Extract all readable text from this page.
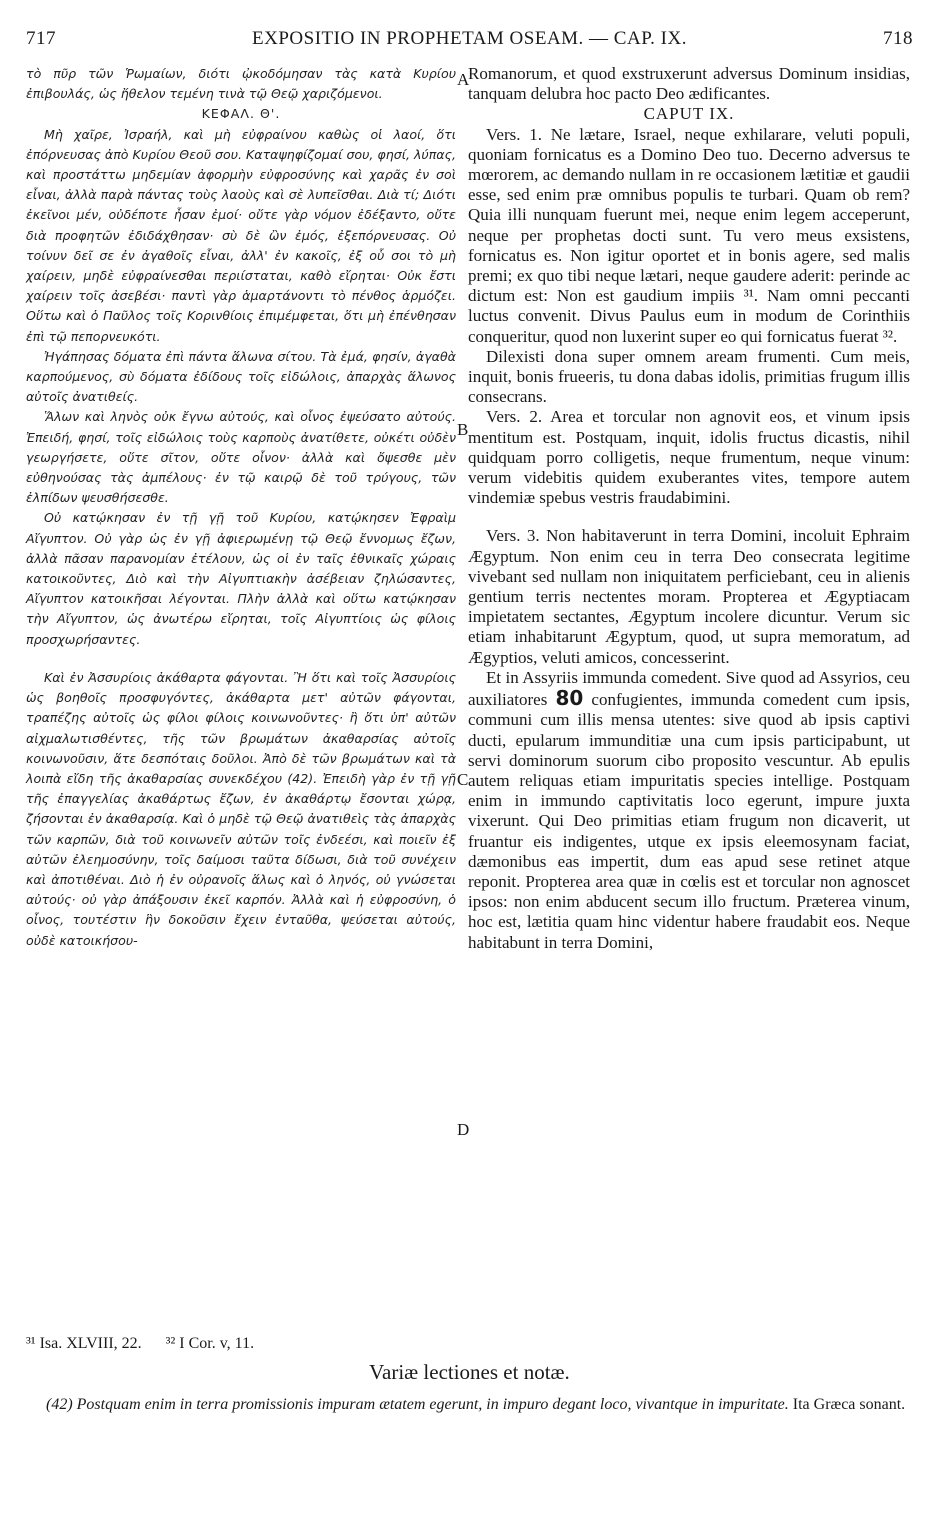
717	EXPOSITIO IN PROPHETAM OSEAM. — CAP. IX.	718

τὸ πῦρ τῶν Ῥωμαίων, διότι ᾠκοδόμησαν τὰς κατὰ Κυρίου ἐπιβουλάς, ὡς ἤθελον τεμένη τινὰ τῷ Θεῷ χαριζόμενοι.

ΚΕΦΑΛ. Θ'.

Μὴ χαῖρε, Ἰσραήλ, καὶ μὴ εὐφραίνου καθὼς οἱ λαοί, ὅτι ἐπόρνευσας ἀπὸ Κυρίου Θεοῦ σου. Καταψηφίζομαί σου, φησί, λύπας, καὶ προστάττω μηδεμίαν ἀφορμὴν εὐφροσύνης καὶ χαρᾶς ἐν σοὶ εἶναι, ἀλλὰ παρὰ πάντας τοὺς λαοὺς καὶ σὲ λυπεῖσθαι. Διὰ τί; Διότι ἐκεῖνοι μέν, οὐδέποτε ἦσαν ἐμοί· οὔτε γὰρ νόμον ἐδέξαντο, οὔτε διὰ προφητῶν ἐδιδάχθησαν· σὺ δὲ ὢν ἐμός, ἐξεπόρνευσας. Οὐ τοίνυν δεῖ σε ἐν ἀγαθοῖς εἶναι, ἀλλ' ἐν κακοῖς, ἐξ οὗ σοι τὸ μὴ χαίρειν, μηδὲ εὐφραίνεσθαι περιίσταται, καθὸ εἴρηται· Οὐκ ἔστι χαίρειν τοῖς ἀσεβέσι· παντὶ γὰρ ἁμαρτάνοντι τὸ πένθος ἁρμόζει. Οὕτω καὶ ὁ Παῦλος τοῖς Κορινθίοις ἐπιμέμφεται, ὅτι μὴ ἐπένθησαν ἐπὶ τῷ πεπορνευκότι.

Ἠγάπησας δόματα ἐπὶ πάντα ἅλωνα σίτου. Τὰ ἐμά, φησίν, ἀγαθὰ καρπούμενος, σὺ δόματα ἐδίδους τοῖς εἰδώλοις, ἀπαρχὰς ἅλωνος αὐτοῖς ἀνατιθείς.

Ἅλων καὶ ληνὸς οὐκ ἔγνω αὐτούς, καὶ οἶνος ἐψεύσατο αὐτούς. Ἐπειδή, φησί, τοῖς εἰδώλοις τοὺς καρποὺς ἀνατίθετε, οὐκέτι οὐδὲν γεωργήσετε, οὔτε σῖτον, οὔτε οἶνον· ἀλλὰ καὶ ὄψεσθε μὲν εὐθηνούσας τὰς ἀμπέλους· ἐν τῷ καιρῷ δὲ τοῦ τρύγους, τῶν ἐλπίδων ψευσθήσεσθε.

Οὐ κατῴκησαν ἐν τῇ γῇ τοῦ Κυρίου, κατῴκησεν Ἐφραὶμ Αἴγυπτον. Οὐ γὰρ ὡς ἐν γῇ ἀφιερωμένῃ τῷ Θεῷ ἔννομως ἔζων, ἀλλὰ πᾶσαν παρανομίαν ἐτέλουν, ὡς οἱ ἐν ταῖς ἐθνικαῖς χώραις κατοικοῦντες, Διὸ καὶ τὴν Αἰγυπτιακὴν ἀσέβειαν ζηλώσαντες, Αἴγυπτον κατοικῆσαι λέγονται. Πλὴν ἀλλὰ καὶ οὕτω κατῴκησαν τὴν Αἴγυπτον, ὡς ἀνωτέρω εἴρηται, τοῖς Αἰγυπτίοις ὡς φίλοις προσχωρήσαντες.

Καὶ ἐν Ἀσσυρίοις ἀκάθαρτα φάγονται. Ἢ ὅτι καὶ τοῖς Ἀσσυρίοις ὡς βοηθοῖς προσφυγόντες, ἀκάθαρτα μετ' αὐτῶν φάγονται, τραπέζης αὐτοῖς ὡς φίλοι φίλοις κοινωνοῦντες· ἢ ὅτι ὑπ' αὐτῶν αἰχμαλωτισθέντες, τῆς τῶν βρωμάτων ἀκαθαρσίας αὐτοῖς κοινωνοῦσιν, ἅτε δεσπόταις δοῦλοι. Ἀπὸ δὲ τῶν βρωμάτων καὶ τὰ λοιπὰ εἴδη τῆς ἀκαθαρσίας συνεκδέχου (42). Ἐπειδὴ γὰρ ἐν τῇ γῇ τῆς ἐπαγγελίας ἀκαθάρτως ἔζων, ἐν ἀκαθάρτῳ ἔσονται χώρᾳ, ζήσονται ἐν ἀκαθαρσίᾳ. Καὶ ὁ μηδὲ τῷ Θεῷ ἀνατιθεὶς τὰς ἀπαρχὰς τῶν καρπῶν, διὰ τοῦ κοινωνεῖν αὐτῶν τοῖς ἐνδεέσι, καὶ ποιεῖν ἐξ αὐτῶν ἐλεημοσύνην, τοῖς δαίμοσι ταῦτα δίδωσι, διὰ τοῦ συνέχειν καὶ ἀποτιθέναι. Διὸ ἡ ἐν οὐρανοῖς ἅλως καὶ ὁ ληνός, οὐ γνώσεται αὐτούς· οὐ γὰρ ἀπάξουσιν ἐκεῖ καρπόν. Ἀλλὰ καὶ ἡ εὐφροσύνη, ὁ οἶνος, τουτέστιν ἣν δοκοῦσιν ἔχειν ἐνταῦθα, ψεύσεται αὐτούς, οὐδὲ κατοικήσου-

Romanorum, et quod exstruxerunt adversus Dominum insidias, tanquam delubra hoc pacto Deo ædificantes.

CAPUT IX.

Vers. 1. Ne lætare, Israel, neque exhilarare, veluti populi, quoniam fornicatus es a Domino Deo tuo. Decerno adversus te mœrorem, ac demando nullam in re occasionem lætitiæ et gaudii esse, sed enim præ omnibus populis te turbari. Quam ob rem? Quia illi nunquam fuerunt mei, neque enim legem acceperunt, neque per prophetas docti sunt. Tu vero meus exsistens, fornicatus es. Non igitur oportet et in bonis agere, sed malis premi; ex quo tibi neque lætari, neque gaudere aderit: perinde ac dictum est: Non est gaudium impiis ³¹. Nam omni peccanti luctus convenit. Divus Paulus eum in modum de Corinthiis conqueritur, quod non luxerint super eo qui fornicatus fuerat ³².

Dilexisti dona super omnem aream frumenti. Cum meis, inquit, bonis frueeris, tu dona dabas idolis, primitias frugum illis consecrans.

Vers. 2. Area et torcular non agnovit eos, et vinum ipsis mentitum est. Postquam, inquit, idolis fructus dicastis, nihil quidquam porro colligetis, neque frumentum, neque vinum: verum videbitis quidem exuberantes vites, tempore autem vindemiæ spebus vestris fraudabimini.

Vers. 3. Non habitaverunt in terra Domini, incoluit Ephraim Ægyptum. Non enim ceu in terra Deo consecrata legitime vivebant sed nullam non iniquitatem perficiebant, ceu in alienis gentium terris nectentes moram. Propterea et Ægyptiacam impietatem sectantes, Ægyptum incolere dicuntur. Verum sic etiam inhabitarunt Ægyptum, quod, ut supra memoratum, ad Ægyptios, veluti amicos, concesserint.

Et in Assyriis immunda comedent. Sive quod ad Assyrios, ceu auxiliatores 80 confugientes, immunda comedent cum ipsis, communi cum illis mensa utentes: sive quod ab ipsis captivi ducti, epularum immunditiæ una cum ipsis participabunt, ut servi dominorum suorum cibo proposito vescuntur. Ab epulis autem reliquas etiam impuritatis species intellige. Postquam enim in immundo captivitatis loco egerunt, impure juxta vixerunt. Qui Deo primitias etiam frugum non dicaverit, ut fruantur eis indigentes, utque ex ipsis eleemosynam faciat, dæmonibus eas impertit, dum eas apud sese retinet atque reponit. Propterea area quæ in cœlis est et torcular non agnoscet ipsos: non enim abducent secum illo fructum. Præterea vinum, hoc est, lætitia quam hinc videntur habere fraudabit eos. Neque habitabunt in terra Domini,

A
B
C
D
³¹ Isa. XLVIII, 22. ³² I Cor. v, 11.
Variæ lectiones et notæ.
(42) Postquam enim in terra promissionis impuram ætatem egerunt, in impuro degant loco, vivantque in impuritate. Ita Græca sonant.
